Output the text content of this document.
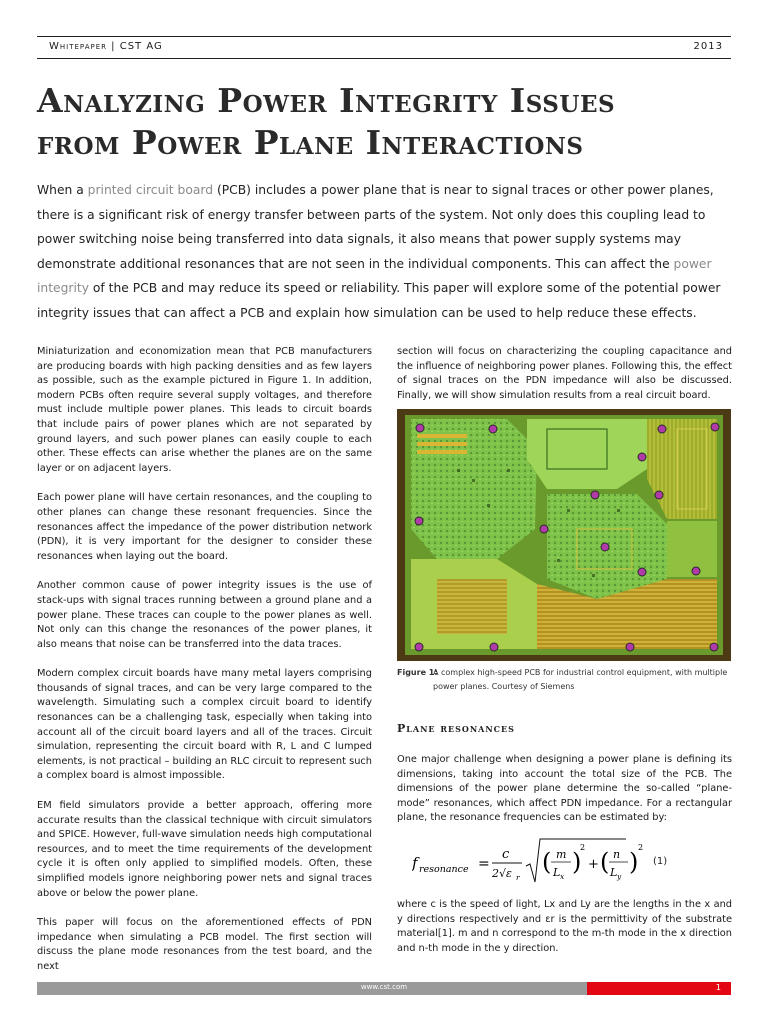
Whitepaper | CST AG	2013
Analyzing Power Integrity Issues
from Power Plane Interactions

When a printed circuit board (PCB) includes a power plane that is near to signal traces or other power planes, there is a significant risk of energy transfer between parts of the system. Not only does this coupling lead to power switching noise being transferred into data signals, it also means that power supply systems may demonstrate additional resonances that are not seen in the individual components. This can affect the power integrity of the PCB and may reduce its speed or reliability. This paper will explore some of the potential power integrity issues that can affect a PCB and explain how simulation can be used to help reduce these effects.

Miniaturization and economization mean that PCB manufacturers are producing boards with high packing densities and as few layers as possible, such as the example pictured in Figure 1. In addition, modern PCBs often require several supply voltages, and therefore must include multiple power planes. This leads to circuit boards that include pairs of power planes which are not separated by ground layers, and such power planes can easily couple to each other. These effects can arise whether the planes are on the same layer or on adjacent layers.

Each power plane will have certain resonances, and the coupling to other planes can change these resonant frequencies. Since the resonances affect the impedance of the power distribution network (PDN), it is very important for the designer to consider these resonances when laying out the board.

Another common cause of power integrity issues is the use of stack-ups with signal traces running between a ground plane and a power plane. These traces can couple to the power planes as well. Not only can this change the resonances of the power planes, it also means that noise can be transferred into the data traces.

Modern complex circuit boards have many metal layers comprising thousands of signal traces, and can be very large compared to the wavelength. Simulating such a complex circuit board to identify resonances can be a challenging task, especially when taking into account all of the circuit board layers and all of the traces. Circuit simulation, representing the circuit board with R, L and C lumped elements, is not practical – building an RLC circuit to represent such a complex board is almost impossible.

EM field simulators provide a better approach, offering more accurate results than the classical technique with circuit simulators and SPICE. However, full-wave simulation needs high computational resources, and to meet the time requirements of the development cycle it is often only applied to simplified models. Often, these simplified models ignore neighboring power nets and signal traces above or below the power plane.

This paper will focus on the aforementioned effects of PDN impedance when simulating a PCB model. The first section will discuss the plane mode resonances from the test board, and the next

section will focus on characterizing the coupling capacitance and the influence of neighboring power planes. Following this, the effect of signal traces on the PDN impedance will also be discussed. Finally, we will show simulation results from a real circuit board.

Figure 1:
A complex high-speed PCB for industrial control equipment, with multiple power planes. Courtesy of Siemens
Plane resonances

One major challenge when designing a power plane is defining its dimensions, taking into account the total size of the PCB. The dimensions of the power plane determine the so-called “plane-mode” resonances, which affect PDN impedance. For a rectangular plane, the resonance frequencies can be estimated by:

f resonance =
c
2√ε r
( m
L x
)
2
+ ( n
L y
)
2
(1)
where c is the speed of light, Lx and Ly are the lengths in the x and y directions respectively and εr is the permittivity of the substrate material[1]. m and n correspond to the m-th mode in the x direction and n-th mode in the y direction.
www.cst.com	1
